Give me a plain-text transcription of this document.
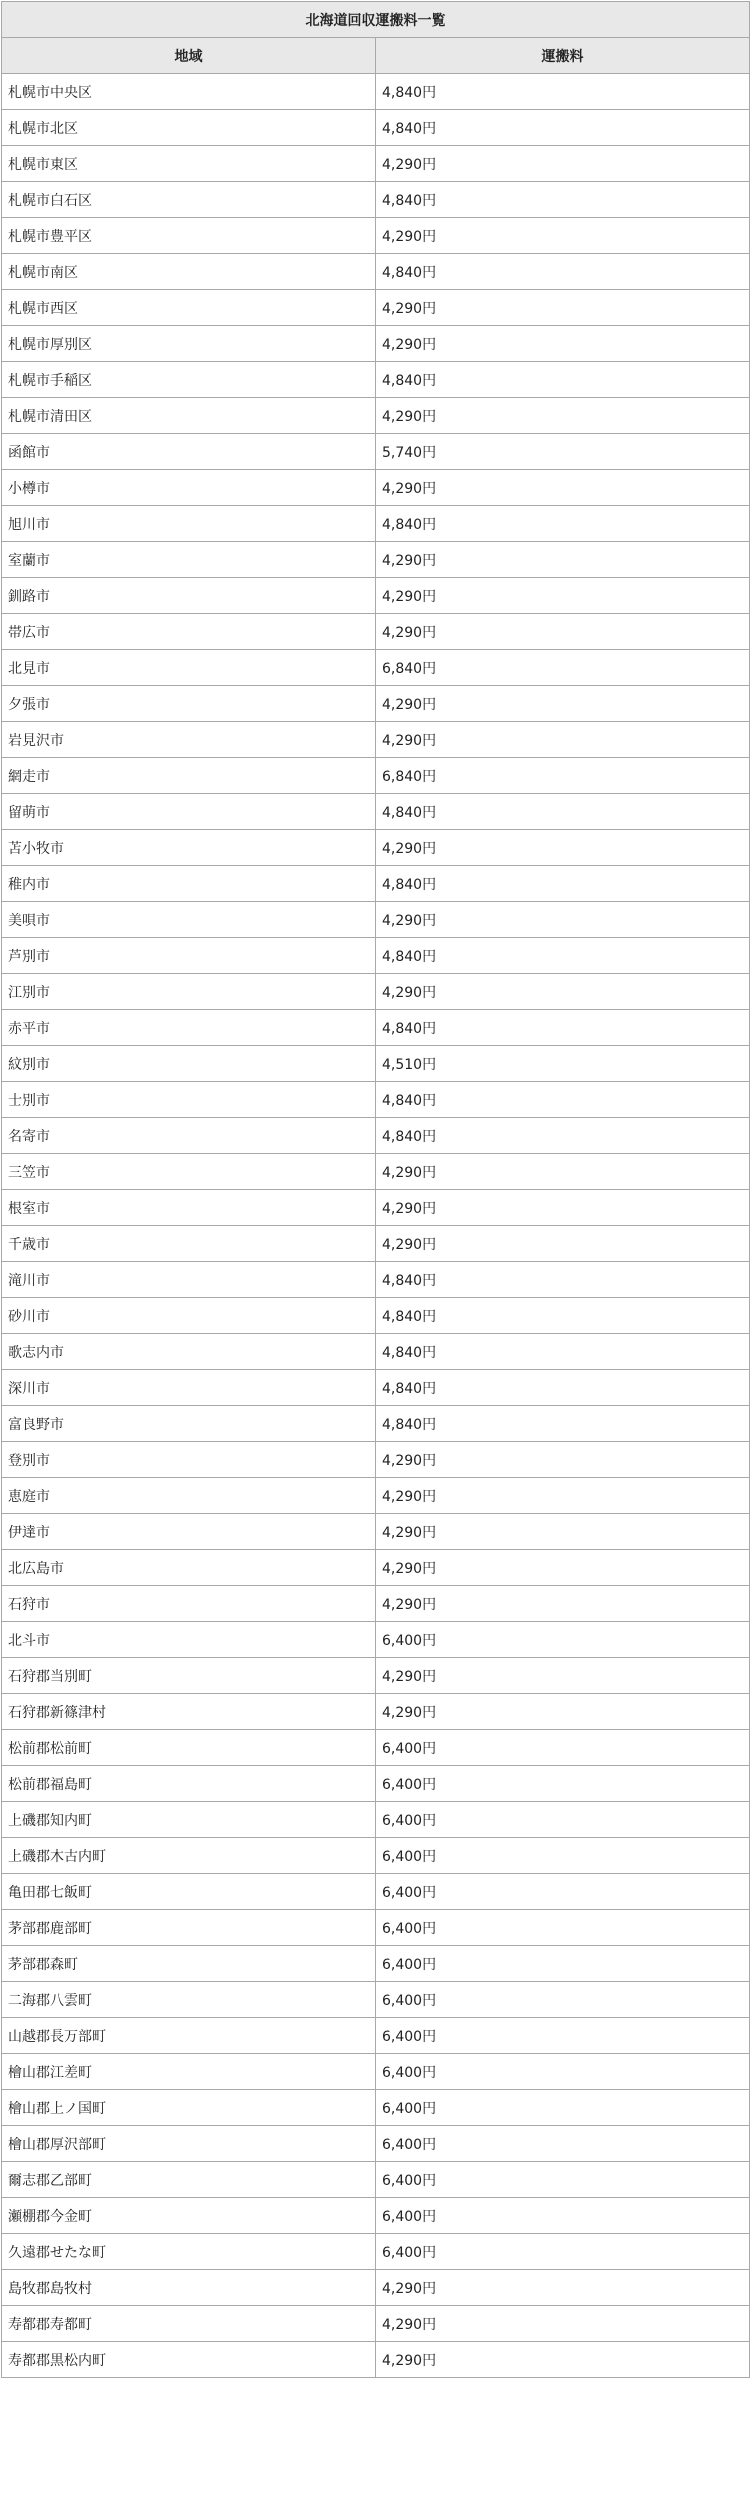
北海道回収運搬料一覧	
地域	運搬料
札幌市中央区	4,840円
札幌市北区	4,840円
札幌市東区	4,290円
札幌市白石区	4,840円
札幌市豊平区	4,290円
札幌市南区	4,840円
札幌市西区	4,290円
札幌市厚別区	4,290円
札幌市手稲区	4,840円
札幌市清田区	4,290円
函館市	5,740円
小樽市	4,290円
旭川市	4,840円
室蘭市	4,290円
釧路市	4,290円
帯広市	4,290円
北見市	6,840円
夕張市	4,290円
岩見沢市	4,290円
網走市	6,840円
留萌市	4,840円
苫小牧市	4,290円
稚内市	4,840円
美唄市	4,290円
芦別市	4,840円
江別市	4,290円
赤平市	4,840円
紋別市	4,510円
士別市	4,840円
名寄市	4,840円
三笠市	4,290円
根室市	4,290円
千歳市	4,290円
滝川市	4,840円
砂川市	4,840円
歌志内市	4,840円
深川市	4,840円
富良野市	4,840円
登別市	4,290円
恵庭市	4,290円
伊達市	4,290円
北広島市	4,290円
石狩市	4,290円
北斗市	6,400円
石狩郡当別町	4,290円
石狩郡新篠津村	4,290円
松前郡松前町	6,400円
松前郡福島町	6,400円
上磯郡知内町	6,400円
上磯郡木古内町	6,400円
亀田郡七飯町	6,400円
茅部郡鹿部町	6,400円
茅部郡森町	6,400円
二海郡八雲町	6,400円
山越郡長万部町	6,400円
檜山郡江差町	6,400円
檜山郡上ノ国町	6,400円
檜山郡厚沢部町	6,400円
爾志郡乙部町	6,400円
瀬棚郡今金町	6,400円
久遠郡せたな町	6,400円
島牧郡島牧村	4,290円
寿都郡寿都町	4,290円
寿都郡黒松内町	4,290円
